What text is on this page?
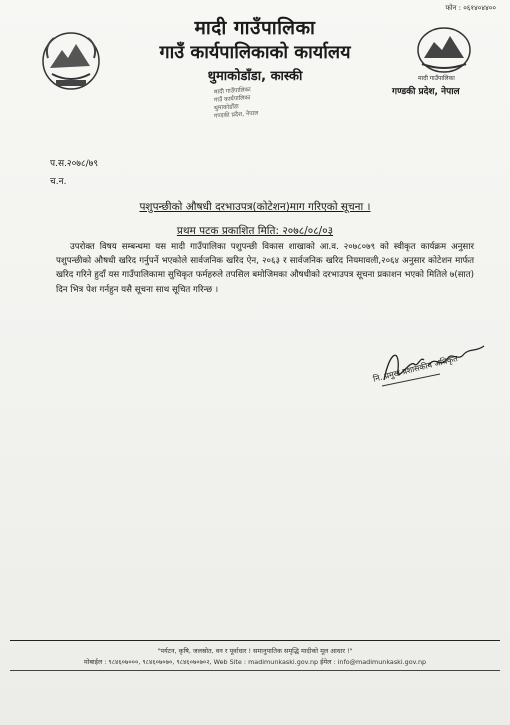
फोन : ०६१४०४४००
मादी गाउँपालिका
गाउँ कार्यपालिकाको कार्यालय
थुमाकोडाँडा, कास्की	मादी गाउँपालिका
गण्डकी प्रदेश, नेपाल
मादी गाउँपालिका
गाउँ कार्यपालिका
थुमाकोडाँडा
गण्डकी प्रदेश, नेपाल
प.स.२०७८/७९
च.न.
पशुपन्छीको औषधी दरभाउपत्र(कोटेशन)माग गरिएको सूचना ।
प्रथम पटक प्रकाशित मिति: २०७८/०८/०३

उपरोक्त विषय सम्बन्धमा यस मादी गाउँपालिका पशुपन्छी विकास शाखाको आ.व. २०७८०७९ को स्वीकृत कार्यक्रम अनुसार पशुपन्छीको औषधी खरिद गर्नुपर्ने भएकोले सार्वजनिक खरिद ऐन, २०६३ र सार्वजनिक खरिद नियमावली,२०६४ अनुसार कोटेशन मार्फत खरिद गरिने हुदाँ यस गाउँपालिकामा सुचिकृत फर्महरुले तपसिल बमोजिमका औषधीको दरभाउपत्र सूचना प्रकाशन भएको मितिले ७(सात) दिन भित्र पेश गर्नहुन यसै सूचना साथ सूचित गरिन्छ ।

नि. प्रमुख प्रशासकीय अधिकृत
"पर्यटन, कृषि, जलस्रोत, वन र पूर्वाधार ! समानुपातिक समृद्धि मादीको मूल आधार !"
मोबाईल : ९८४६०७०००, ९८४६०७०७०, ९८४६०७०७०२, Web Site : madimunkaski.gov.np ईमेल : info@madimunkaski.gov.np
